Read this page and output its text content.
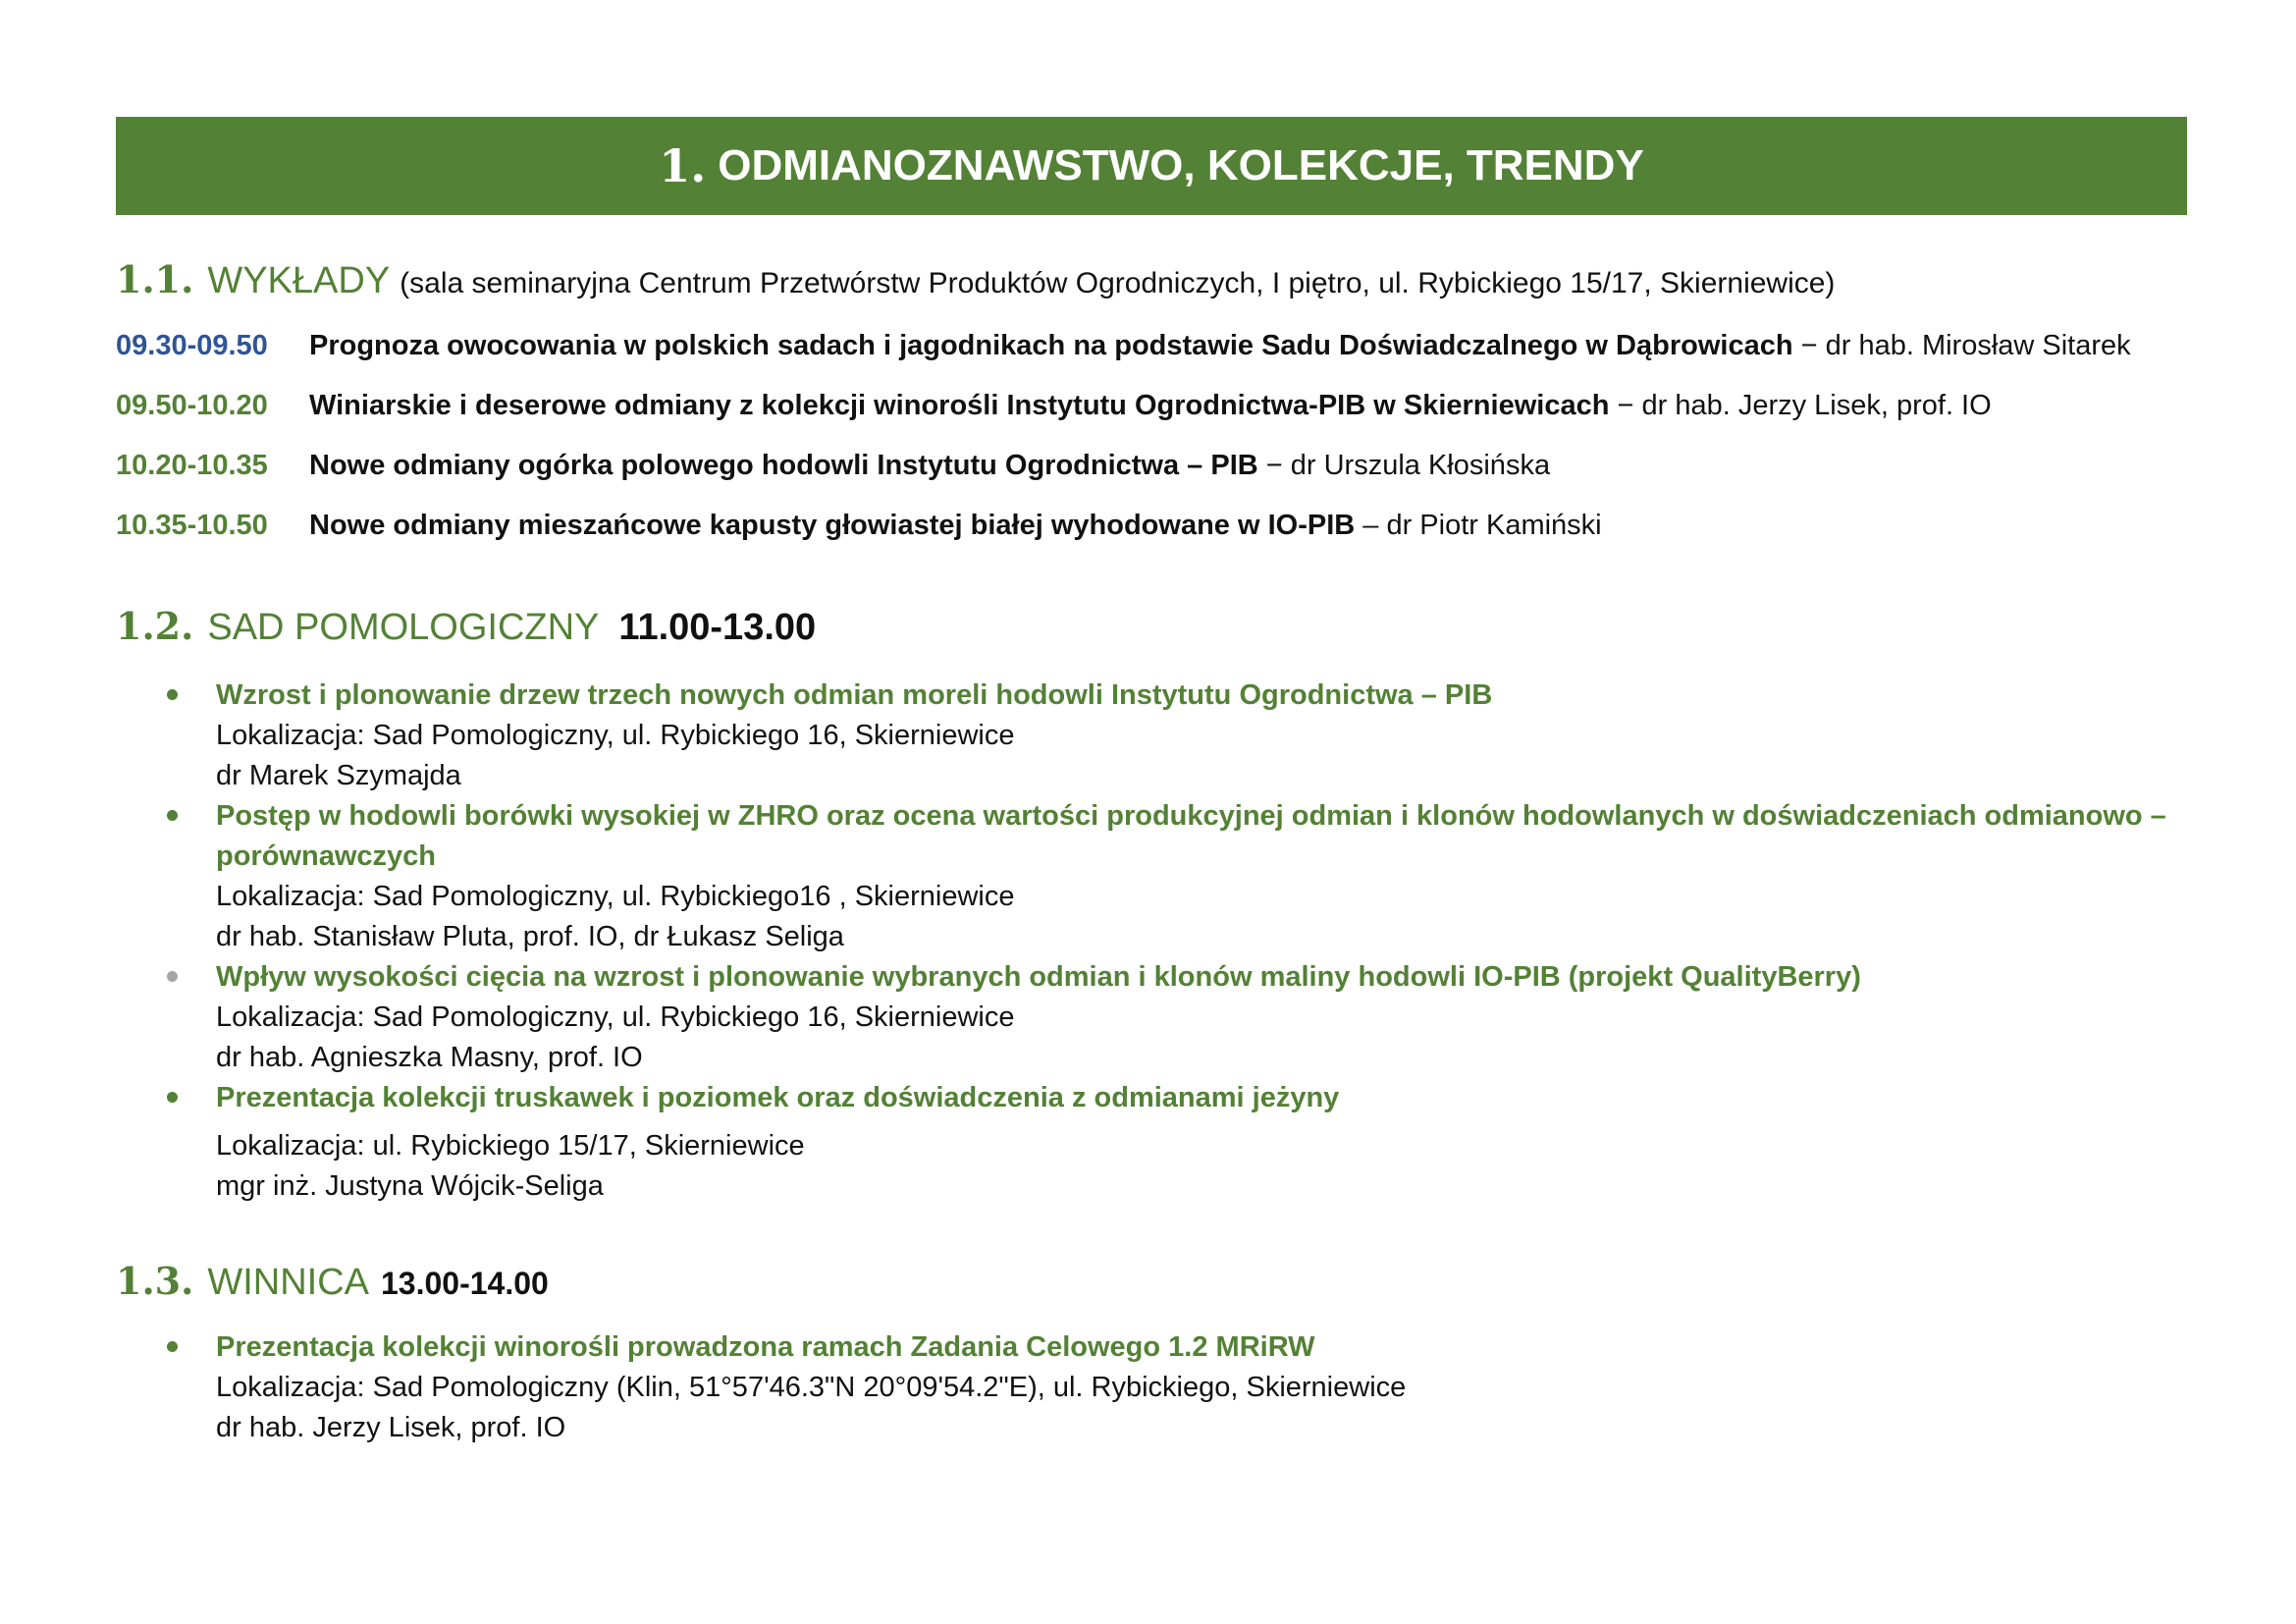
1. ODMIANOZNAWSTWO, KOLEKCJE, TRENDY
1.1. WYKŁADY (sala seminaryjna Centrum Przetwórstw Produktów Ogrodniczych, I piętro, ul. Rybickiego 15/17, Skierniewice)
09.30-09.50	Prognoza owocowania w polskich sadach i jagodnikach na podstawie Sadu Doświadczalnego w Dąbrowicach − dr hab. Mirosław Sitarek
09.50-10.20	Winiarskie i deserowe odmiany z kolekcji winorośli Instytutu Ogrodnictwa-PIB w Skierniewicach − dr hab. Jerzy Lisek, prof. IO
10.20-10.35	Nowe odmiany ogórka polowego hodowli Instytutu Ogrodnictwa – PIB − dr Urszula Kłosińska
10.35-10.50	Nowe odmiany mieszańcowe kapusty głowiastej białej wyhodowane w IO-PIB – dr Piotr Kamiński
1.2. SAD POMOLOGICZNY 11.00-13.00
Wzrost i plonowanie drzew trzech nowych odmian moreli hodowli Instytutu Ogrodnictwa – PIB
Lokalizacja: Sad Pomologiczny, ul. Rybickiego 16, Skierniewice
dr Marek Szymajda
Postęp w hodowli borówki wysokiej w ZHRO oraz ocena wartości produkcyjnej odmian i klonów hodowlanych w doświadczeniach odmianowo – porównawczych
Lokalizacja: Sad Pomologiczny, ul. Rybickiego16 , Skierniewice
dr hab. Stanisław Pluta, prof. IO, dr Łukasz Seliga
Wpływ wysokości cięcia na wzrost i plonowanie wybranych odmian i klonów maliny hodowli IO-PIB (projekt QualityBerry)
Lokalizacja: Sad Pomologiczny, ul. Rybickiego 16, Skierniewice
dr hab. Agnieszka Masny, prof. IO
Prezentacja kolekcji truskawek i poziomek oraz doświadczenia z odmianami jeżyny
Lokalizacja: ul. Rybickiego 15/17, Skierniewice
mgr inż. Justyna Wójcik-Seliga
1.3. WINNICA 13.00-14.00
Prezentacja kolekcji winorośli prowadzona ramach Zadania Celowego 1.2 MRiRW
Lokalizacja: Sad Pomologiczny (Klin, 51°57'46.3"N 20°09'54.2"E), ul. Rybickiego, Skierniewice
dr hab. Jerzy Lisek, prof. IO
